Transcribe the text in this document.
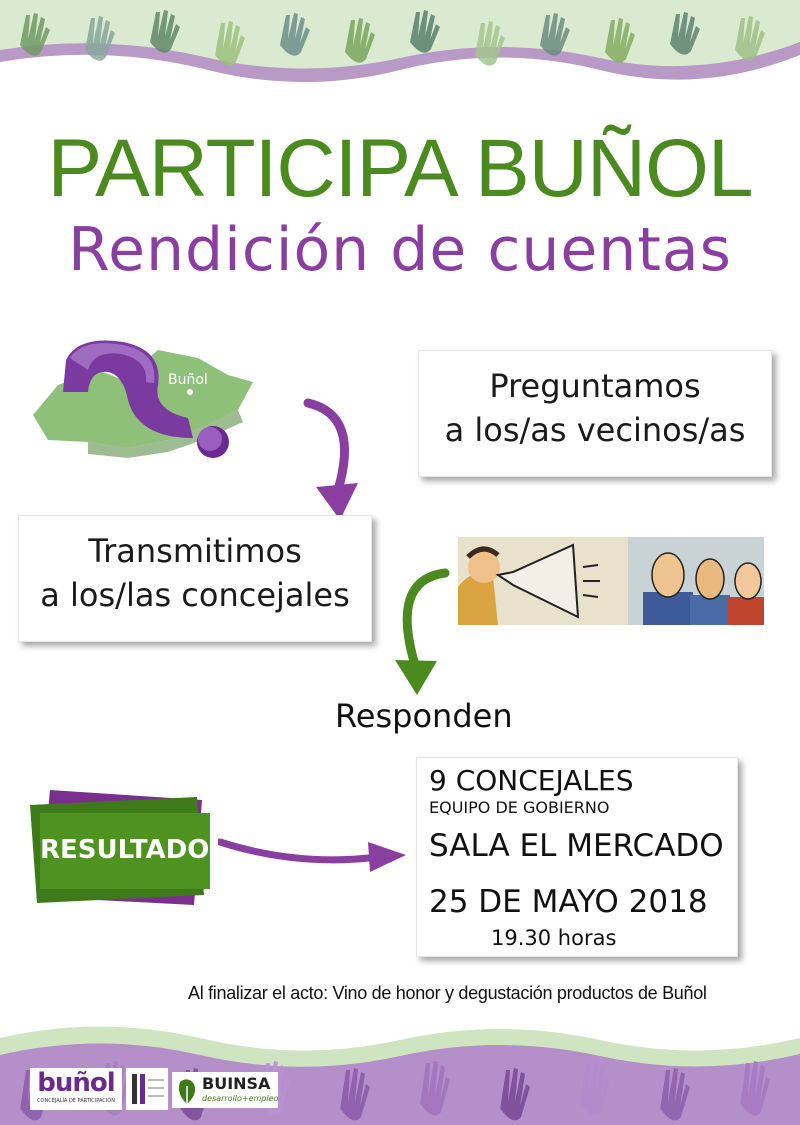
PARTICIPA BUÑOL
Rendición de cuentas
Buñol	Preguntamos
a los/as vecinos/as
Transmitimos
a los/las concejales
Responden
RESULTADOS
9 CONCEJALES
EQUIPO DE GOBIERNO
SALA EL MERCADO
25 DE MAYO 2018
19.30 horas
Al finalizar el acto: Vino de honor y degustación productos de Buñol
buñol
CONCEJALÍA DE PARTICIPACIÓN
BUINSA
desarrollo+empleo
